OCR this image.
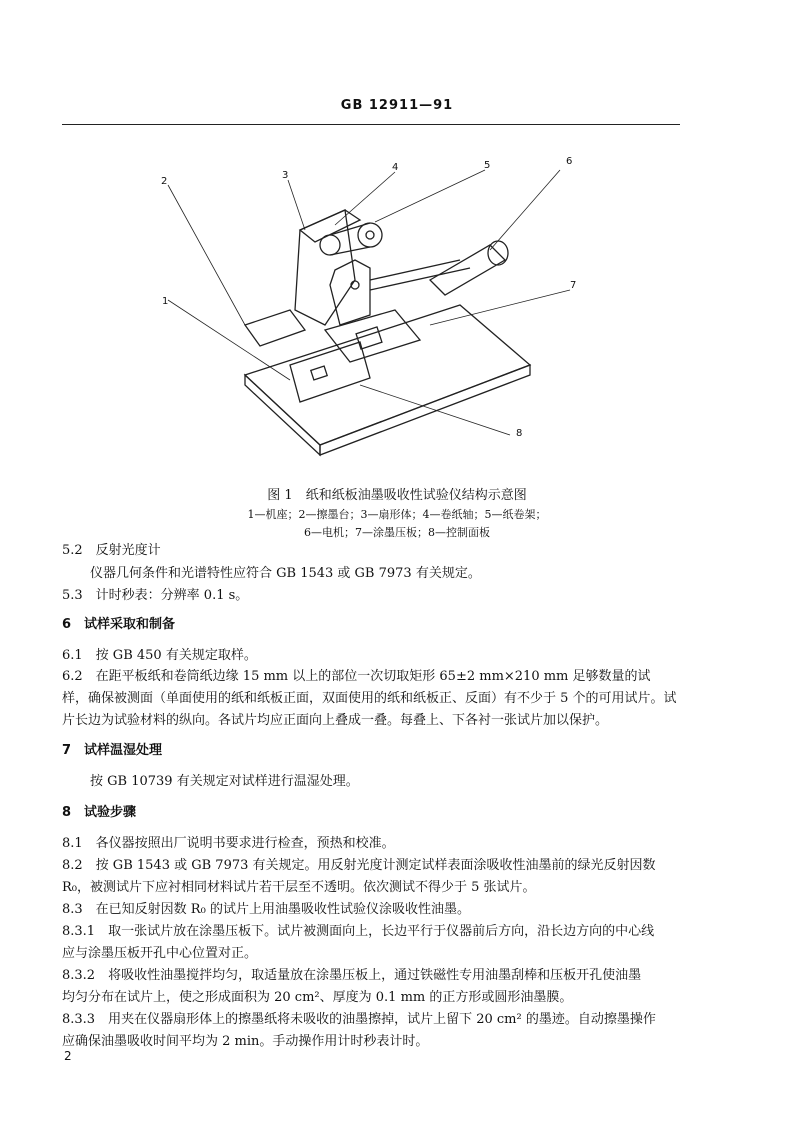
GB 12911—91
2
3
4	5	6
1
7
8
图 1　纸和纸板油墨吸收性试验仪结构示意图
1—机座；2—擦墨台；3—扇形体；4—卷纸轴；5—纸卷架；
6—电机；7—涂墨压板；8—控制面板
5.2　反射光度计
仪器几何条件和光谱特性应符合 GB 1543 或 GB 7973 有关规定。
5.3　计时秒表：分辨率 0.1 s。
6　试样采取和制备
6.1　按 GB 450 有关规定取样。
6.2　在距平板纸和卷筒纸边缘 15 mm 以上的部位一次切取矩形 65±2 mm×210 mm 足够数量的试
样，确保被测面（单面使用的纸和纸板正面，双面使用的纸和纸板正、反面）有不少于 5 个的可用试片。试
片长边为试验材料的纵向。各试片均应正面向上叠成一叠。每叠上、下各衬一张试片加以保护。
7　试样温湿处理
按 GB 10739 有关规定对试样进行温湿处理。
8　试验步骤
8.1　各仪器按照出厂说明书要求进行检查，预热和校准。
8.2　按 GB 1543 或 GB 7973 有关规定。用反射光度计测定试样表面涂吸收性油墨前的绿光反射因数
R₀，被测试片下应衬相同材料试片若干层至不透明。依次测试不得少于 5 张试片。
8.3　在已知反射因数 R₀ 的试片上用油墨吸收性试验仪涂吸收性油墨。
8.3.1　取一张试片放在涂墨压板下。试片被测面向上，长边平行于仪器前后方向，沿长边方向的中心线
应与涂墨压板开孔中心位置对正。
8.3.2　将吸收性油墨搅拌均匀，取适量放在涂墨压板上，通过铁磁性专用油墨刮棒和压板开孔使油墨
均匀分布在试片上，使之形成面积为 20 cm²、厚度为 0.1 mm 的正方形或圆形油墨膜。
8.3.3　用夹在仪器扇形体上的擦墨纸将未吸收的油墨擦掉，试片上留下 20 cm² 的墨迹。自动擦墨操作
应确保油墨吸收时间平均为 2 min。手动操作用计时秒表计时。
2
